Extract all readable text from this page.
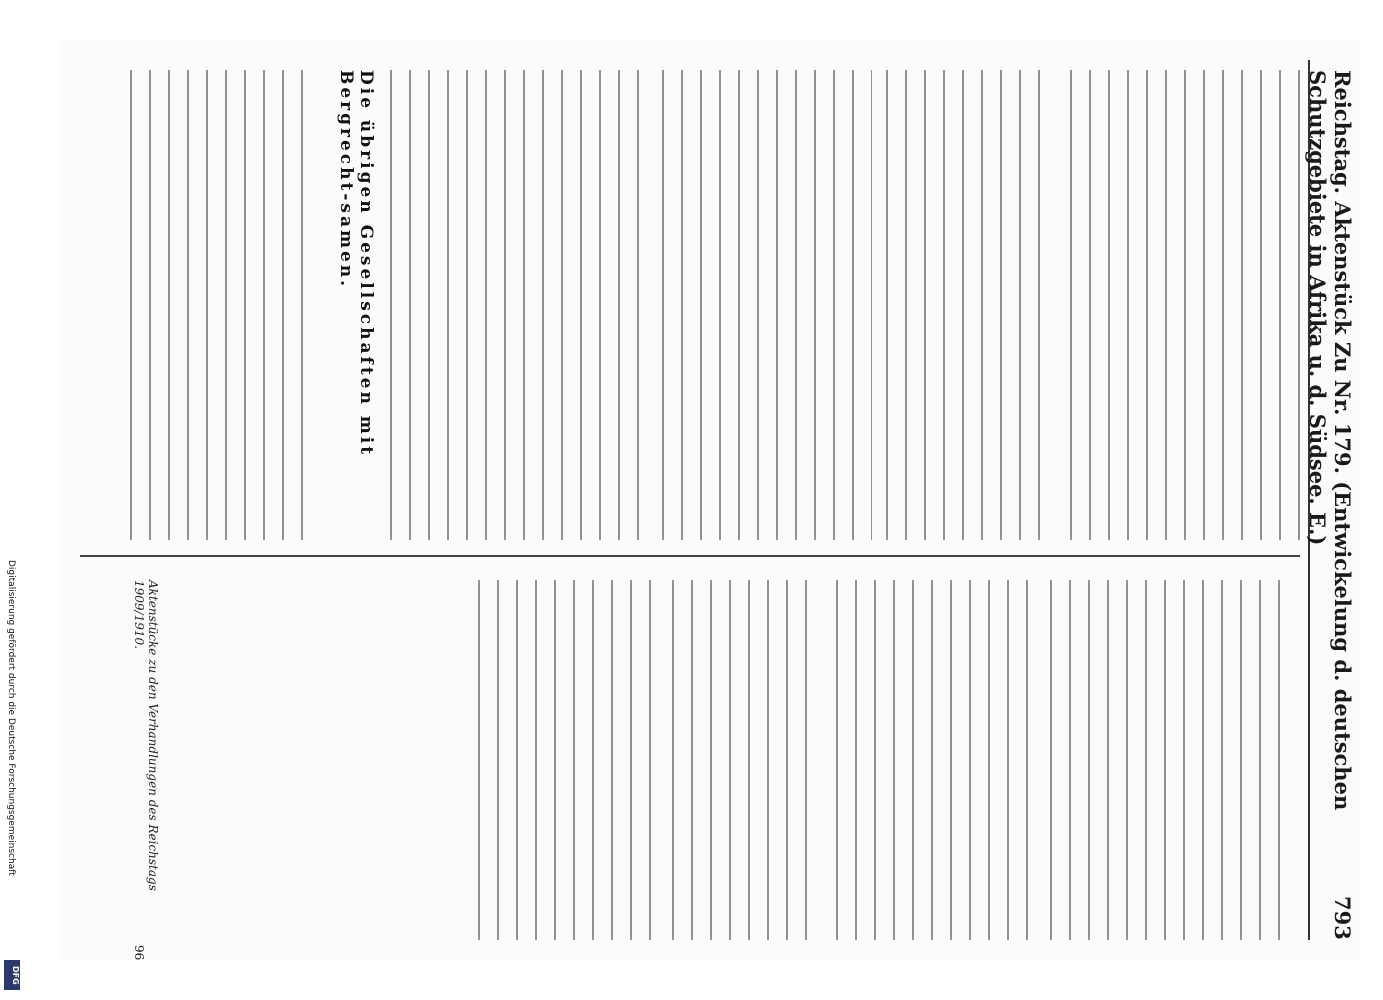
Reichstag. Aktenstück Zu Nr. 179. (Entwickelung d. deutschen Schutzgebiete in Afrika u. d. Südsee. E.)
793

Die übrigen Gesellschaften mit Bergrecht-samen.

Aktenstücke zu den Verhandlungen des Reichstags 1909/1910.
96
Digitalisierung gefördert durch die Deutsche Forschungsgemeinschaft
DFG
